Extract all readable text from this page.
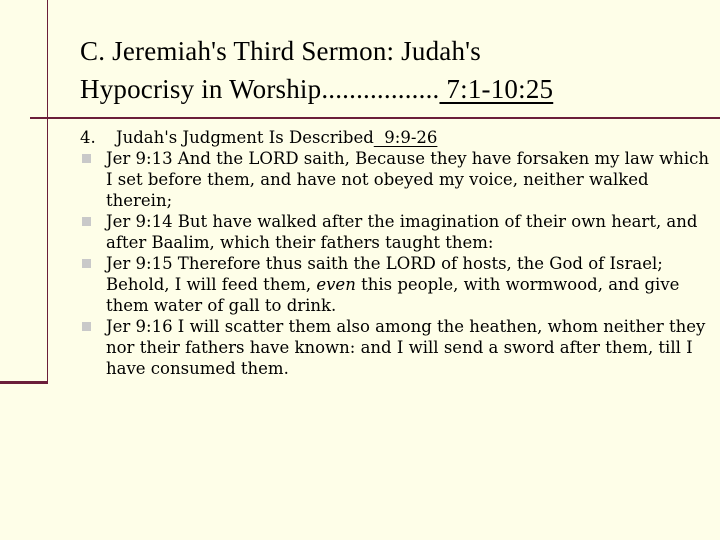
C. Jeremiah's Third Sermon: Judah's
Hypocrisy in Worship................. 7:1-10:25
4. Judah's Judgment Is Described  9:9-26
Jer 9:13 And the LORD saith, Because they have forsaken my law which I set before them, and have not obeyed my voice, neither walked therein;
Jer 9:14 But have walked after the imagination of their own heart, and after Baalim, which their fathers taught them:
Jer 9:15 Therefore thus saith the LORD of hosts, the God of Israel; Behold, I will feed them, even this people, with wormwood, and give them water of gall to drink.
Jer 9:16 I will scatter them also among the heathen, whom neither they nor their fathers have known: and I will send a sword after them, till I have consumed them.
